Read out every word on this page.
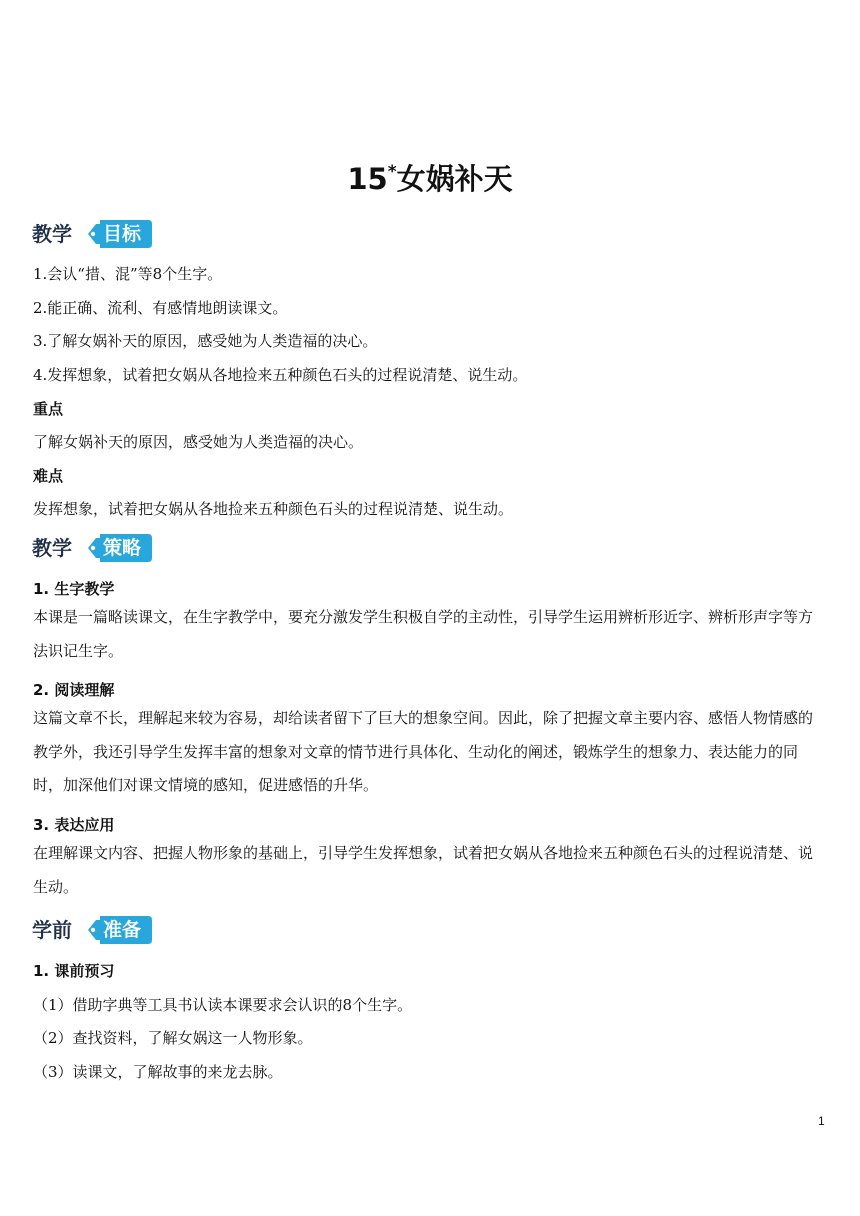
15*女娲补天
教学	目标
1.会认“措、混”等8个生字。
2.能正确、流利、有感情地朗读课文。
3.了解女娲补天的原因，感受她为人类造福的决心。
4.发挥想象，试着把女娲从各地捡来五种颜色石头的过程说清楚、说生动。
重点
了解女娲补天的原因，感受她为人类造福的决心。
难点
发挥想象，试着把女娲从各地捡来五种颜色石头的过程说清楚、说生动。
教学	策略
1. 生字教学
本课是一篇略读课文，在生字教学中，要充分激发学生积极自学的主动性，引导学生运用辨析形近字、辨析形声字等方法识记生字。
2. 阅读理解
这篇文章不长，理解起来较为容易，却给读者留下了巨大的想象空间。因此，除了把握文章主要内容、感悟人物情感的教学外，我还引导学生发挥丰富的想象对文章的情节进行具体化、生动化的阐述，锻炼学生的想象力、表达能力的同时，加深他们对课文情境的感知，促进感悟的升华。
3. 表达应用
在理解课文内容、把握人物形象的基础上，引导学生发挥想象，试着把女娲从各地捡来五种颜色石头的过程说清楚、说生动。
学前	准备
1. 课前预习
（1）借助字典等工具书认读本课要求会认识的8个生字。
（2）查找资料，了解女娲这一人物形象。
（3）读课文，了解故事的来龙去脉。
1
